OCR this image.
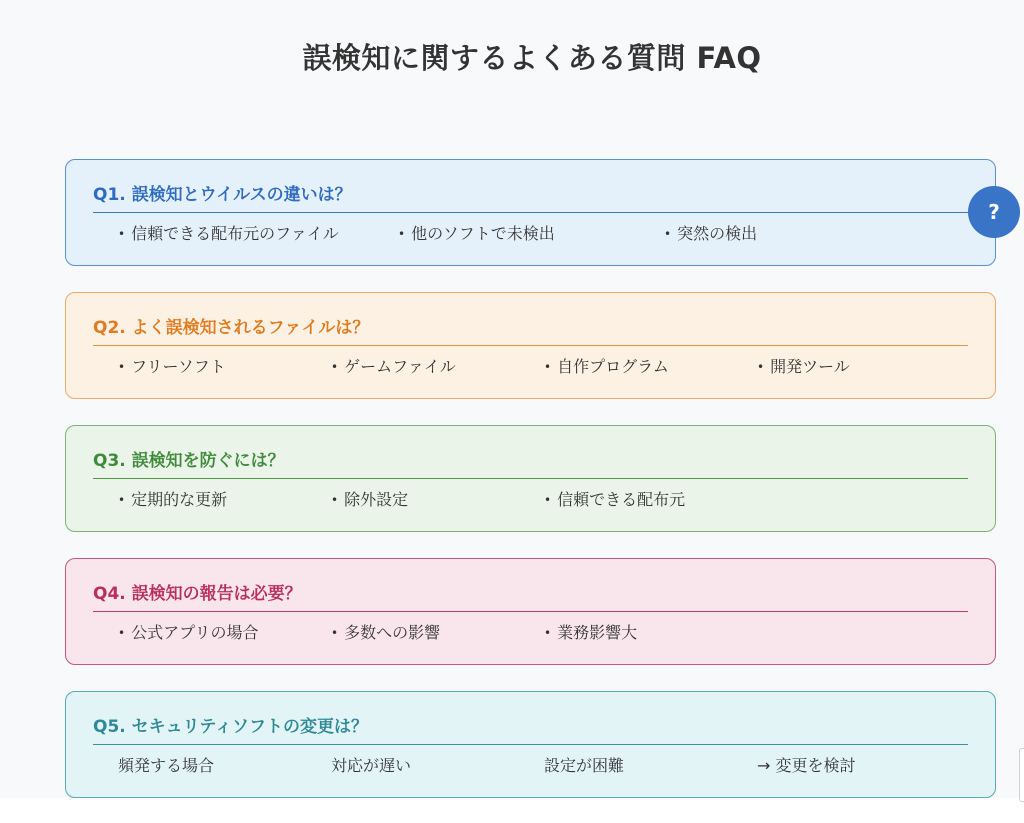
誤検知に関するよくある質問 FAQ
Q1. 誤検知とウイルスの違いは？
• 信頼できる配布元のファイル	• 他のソフトで未検出	• 突然の検出
Q2. よく誤検知されるファイルは？
• フリーソフト	• ゲームファイル	• 自作プログラム	• 開発ツール
Q3. 誤検知を防ぐには？
• 定期的な更新	• 除外設定	• 信頼できる配布元
Q4. 誤検知の報告は必要？
• 公式アプリの場合	• 多数への影響	• 業務影響大
Q5. セキュリティソフトの変更は？
頻発する場合	対応が遅い	設定が困難	→ 変更を検討
?
